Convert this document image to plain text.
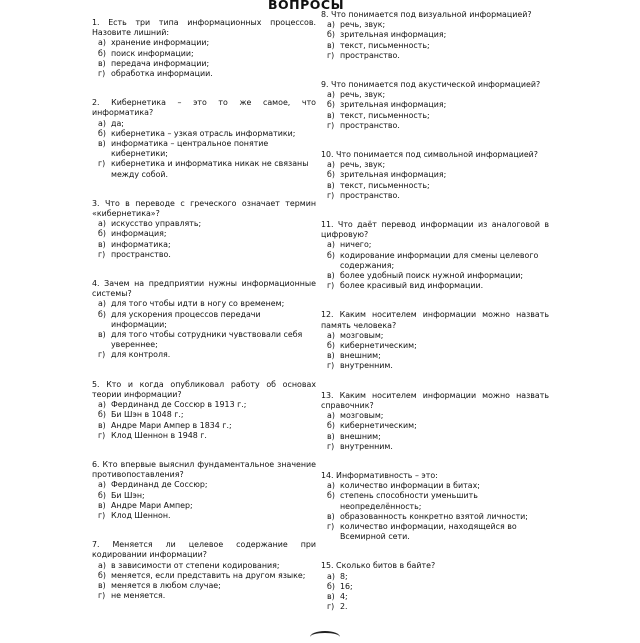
ВОПРОСЫ
1. Есть три типа информационных процессов. Назовите лишний:
а) хранение информации;
б) поиск информации;
в) передача информации;
г) обработка информации.
2. Кибернетика – это то же самое, что информатика?
а) да;
б) кибернетика – узкая отрасль информатики;
в) информатика – центральное понятие кибернетики;
г) кибернетика и информатика никак не связаны между собой.
3. Что в переводе с греческого означает термин «кибернетика»?
а) искусство управлять;
б) информация;
в) информатика;
г) пространство.
4. Зачем на предприятии нужны информационные системы?
а) для того чтобы идти в ногу со временем;
б) для ускорения процессов передачи информации;
в) для того чтобы сотрудники чувствовали себя увереннее;
г) для контроля.
5. Кто и когда опубликовал работу об основах теории информации?
а) Фердинанд де Соссюр в 1913 г.;
б) Би Шэн в 1048 г.;
в) Андре Мари Ампер в 1834 г.;
г) Клод Шеннон в 1948 г.
6. Кто впервые выяснил фундаментальное значение противопоставления?
а) Фердинанд де Соссюр;
б) Би Шэн;
в) Андре Мари Ампер;
г) Клод Шеннон.
7. Меняется ли целевое содержание при кодировании информации?
а) в зависимости от степени кодирования;
б) меняется, если представить на другом языке;
в) меняется в любом случае;
г) не меняется.
8. Что понимается под визуальной информацией?
а) речь, звук;
б) зрительная информация;
в) текст, письменность;
г) пространство.
9. Что понимается под акустической информацией?
а) речь, звук;
б) зрительная информация;
в) текст, письменность;
г) пространство.
10. Что понимается под символьной информацией?
а) речь, звук;
б) зрительная информация;
в) текст, письменность;
г) пространство.
11. Что даёт перевод информации из аналоговой в цифровую?
а) ничего;
б) кодирование информации для смены целевого содержания;
в) более удобный поиск нужной информации;
г) более красивый вид информации.
12. Каким носителем информации можно назвать память человека?
а) мозговым;
б) кибернетическим;
в) внешним;
г) внутренним.
13. Каким носителем информации можно назвать справочник?
а) мозговым;
б) кибернетическим;
в) внешним;
г) внутренним.
14. Информативность – это:
а) количество информации в битах;
б) степень способности уменьшить неопределённость;
в) образованность конкретно взятой личности;
г) количество информации, находящейся во Всемирной сети.
15. Сколько битов в байте?
а) 8;
б) 16;
в) 4;
г) 2.
